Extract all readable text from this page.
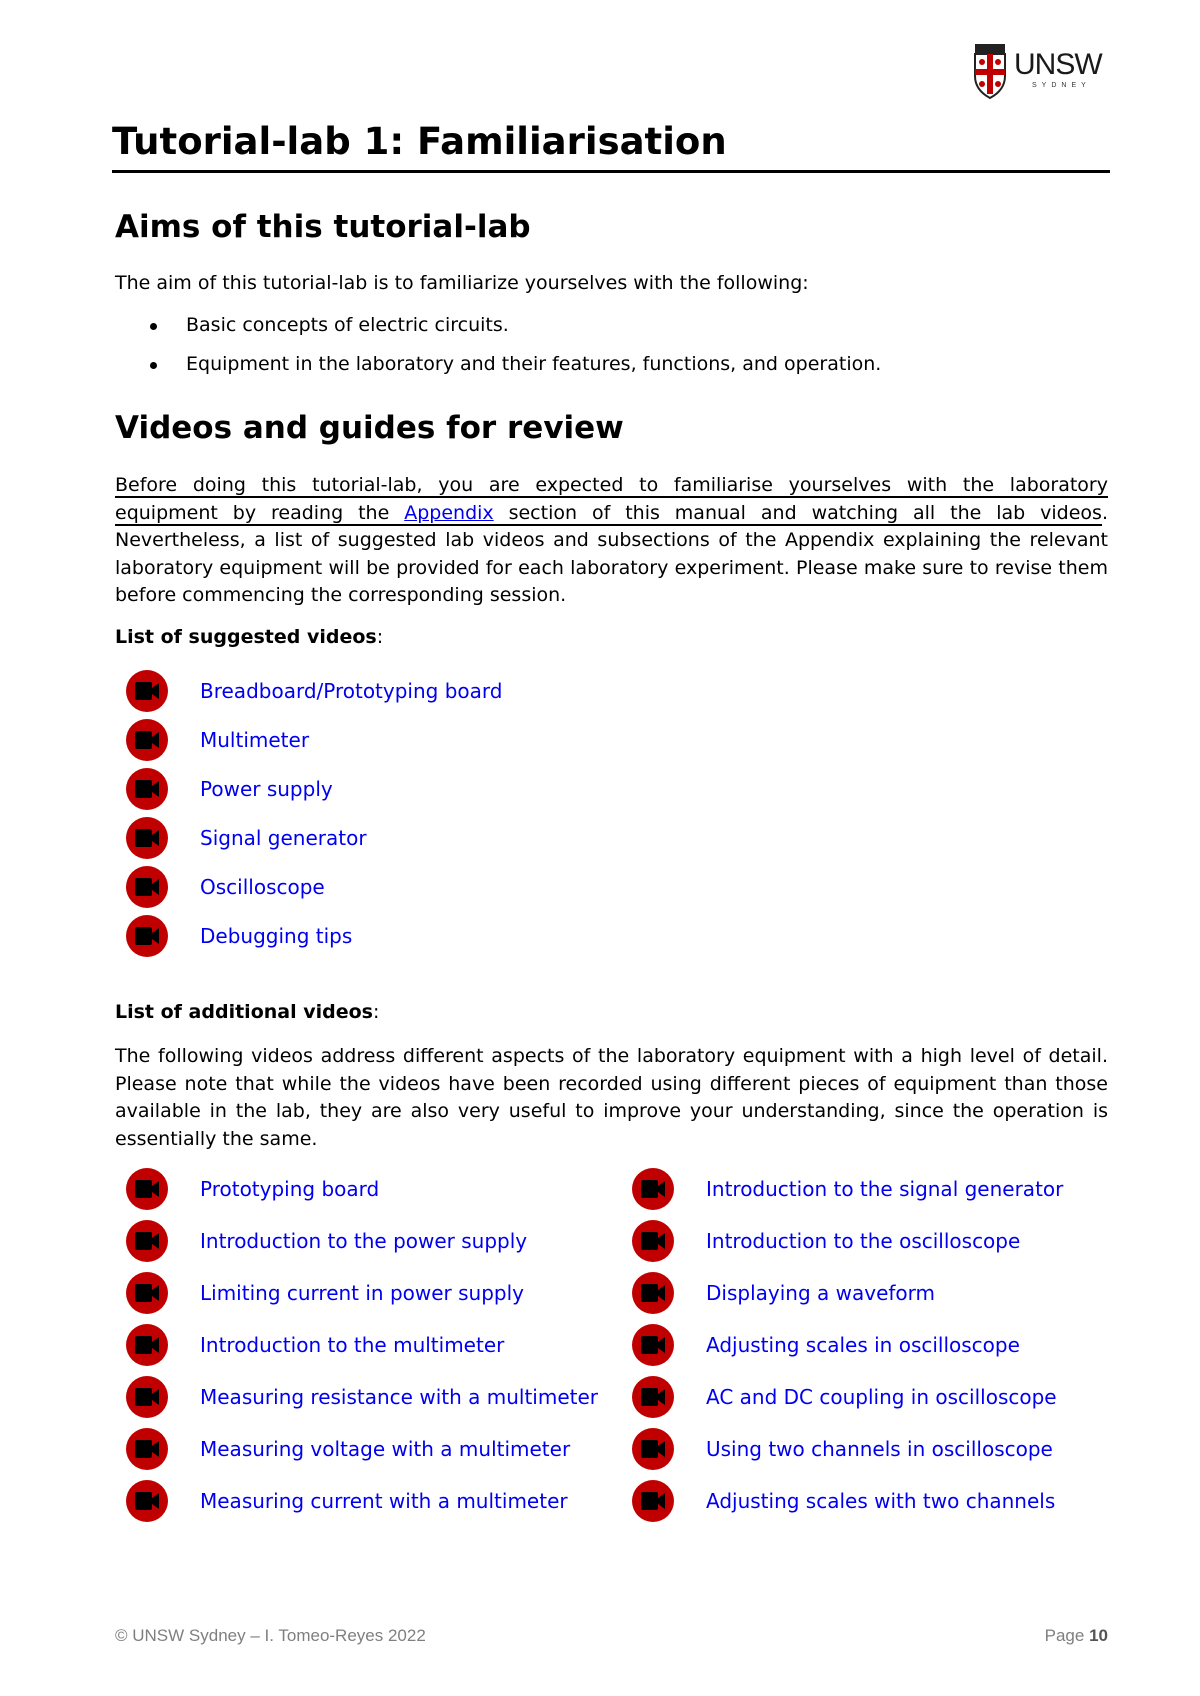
UNSW
SYDNEY
Tutorial-lab 1: Familiarisation
Aims of this tutorial-lab

The aim of this tutorial-lab is to familiarize yourselves with the following:

Basic concepts of electric circuits.
Equipment in the laboratory and their features, functions, and operation.
Videos and guides for review
Before doing this tutorial-lab, you are expected to familiarise yourselves with the laboratory
equipment by reading the Appendix section of this manual and watching all the lab videos.
Nevertheless, a list of suggested lab videos and subsections of the Appendix explaining the relevant laboratory equipment will be provided for each laboratory experiment. Please make sure to revise them before commencing the corresponding session.

List of suggested videos:

Breadboard/Prototyping board
Multimeter
Power supply
Signal generator
Oscilloscope
Debugging tips

List of additional videos:

The following videos address different aspects of the laboratory equipment with a high level of detail. Please note that while the videos have been recorded using different pieces of equipment than those available in the lab, they are also very useful to improve your understanding, since the operation is essentially the same.

Prototyping board
Introduction to the power supply
Limiting current in power supply
Introduction to the multimeter
Measuring resistance with a multimeter
Measuring voltage with a multimeter
Measuring current with a multimeter
Introduction to the signal generator
Introduction to the oscilloscope
Displaying a waveform
Adjusting scales in oscilloscope
AC and DC coupling in oscilloscope
Using two channels in oscilloscope
Adjusting scales with two channels
© UNSW Sydney – I. Tomeo-Reyes 2022	Page 10
